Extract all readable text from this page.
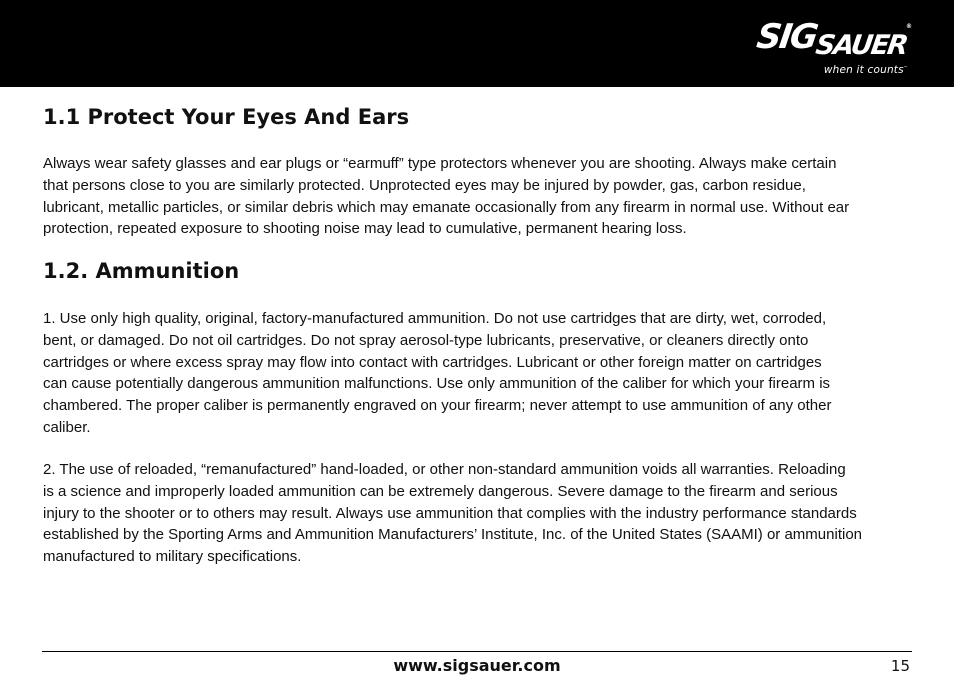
SIGSAUER®
when it counts™
1.1 Protect Your Eyes And Ears
Always wear safety glasses and ear plugs or “earmuff” type protectors whenever you are shooting. Always make certain
that persons close to you are similarly protected. Unprotected eyes may be injured by powder, gas, carbon residue,
lubricant, metallic particles, or similar debris which may emanate occasionally from any firearm in normal use. Without ear
protection, repeated exposure to shooting noise may lead to cumulative, permanent hearing loss.
1.2. Ammunition
1. Use only high quality, original, factory-manufactured ammunition. Do not use cartridges that are dirty, wet, corroded,
bent, or damaged. Do not oil cartridges. Do not spray aerosol-type lubricants, preservative, or cleaners directly onto
cartridges or where excess spray may flow into contact with cartridges. Lubricant or other foreign matter on cartridges
can cause potentially dangerous ammunition malfunctions. Use only ammunition of the caliber for which your firearm is
chambered. The proper caliber is permanently engraved on your firearm; never attempt to use ammunition of any other
caliber.
2. The use of reloaded, “remanufactured” hand-loaded, or other non-standard ammunition voids all warranties. Reloading
is a science and improperly loaded ammunition can be extremely dangerous. Severe damage to the firearm and serious
injury to the shooter or to others may result. Always use ammunition that complies with the industry performance standards
established by the Sporting Arms and Ammunition Manufacturers’ Institute, Inc. of the United States (SAAMI) or ammunition
manufactured to military specifications.
www.sigsauer.com	15
